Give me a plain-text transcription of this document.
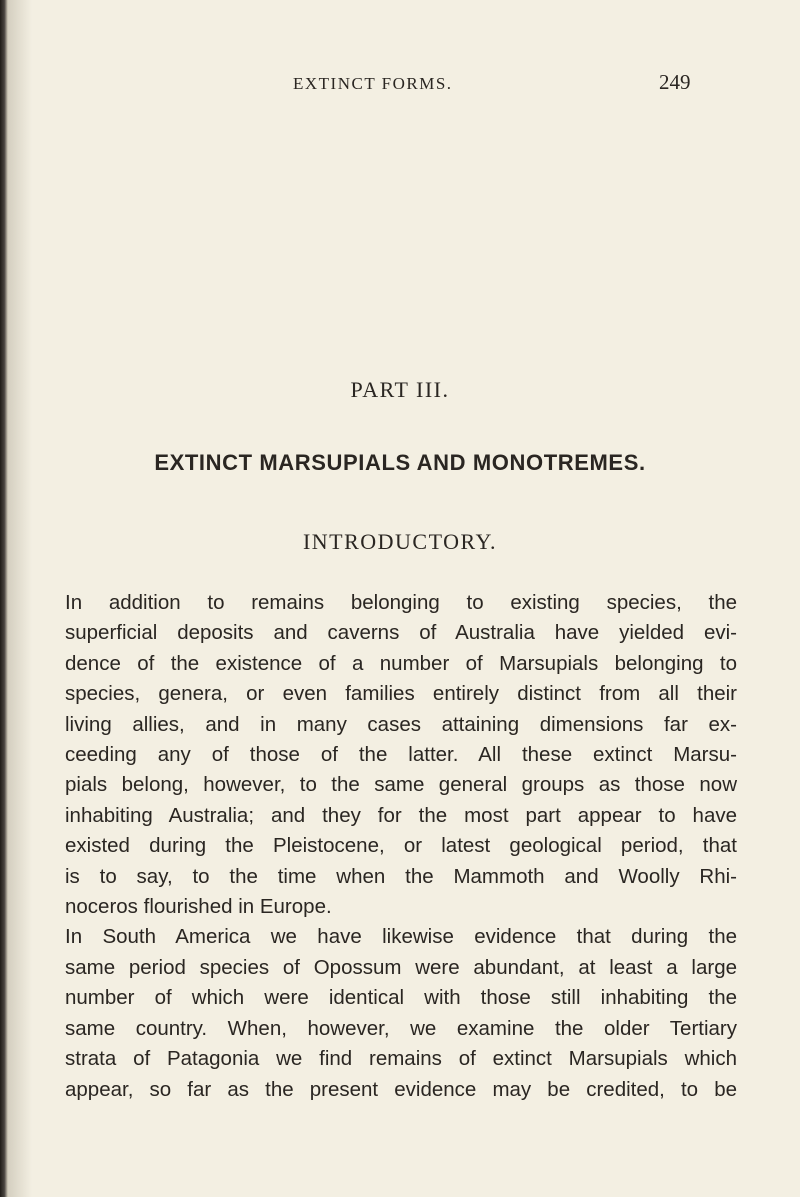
EXTINCT FORMS.	249
PART III.
EXTINCT MARSUPIALS AND MONOTREMES.
INTRODUCTORY.
In addition to remains belonging to existing species, the
superficial deposits and caverns of Australia have yielded evi-
dence of the existence of a number of Marsupials belonging to
species, genera, or even families entirely distinct from all their
living allies, and in many cases attaining dimensions far ex-
ceeding any of those of the latter. All these extinct Marsu-
pials belong, however, to the same general groups as those now
inhabiting Australia; and they for the most part appear to have
existed during the Pleistocene, or latest geological period, that
is to say, to the time when the Mammoth and Woolly Rhi-
noceros flourished in Europe.
In South America we have likewise evidence that during the
same period species of Opossum were abundant, at least a large
number of which were identical with those still inhabiting the
same country. When, however, we examine the older Tertiary
strata of Patagonia we find remains of extinct Marsupials which
appear, so far as the present evidence may be credited, to be
